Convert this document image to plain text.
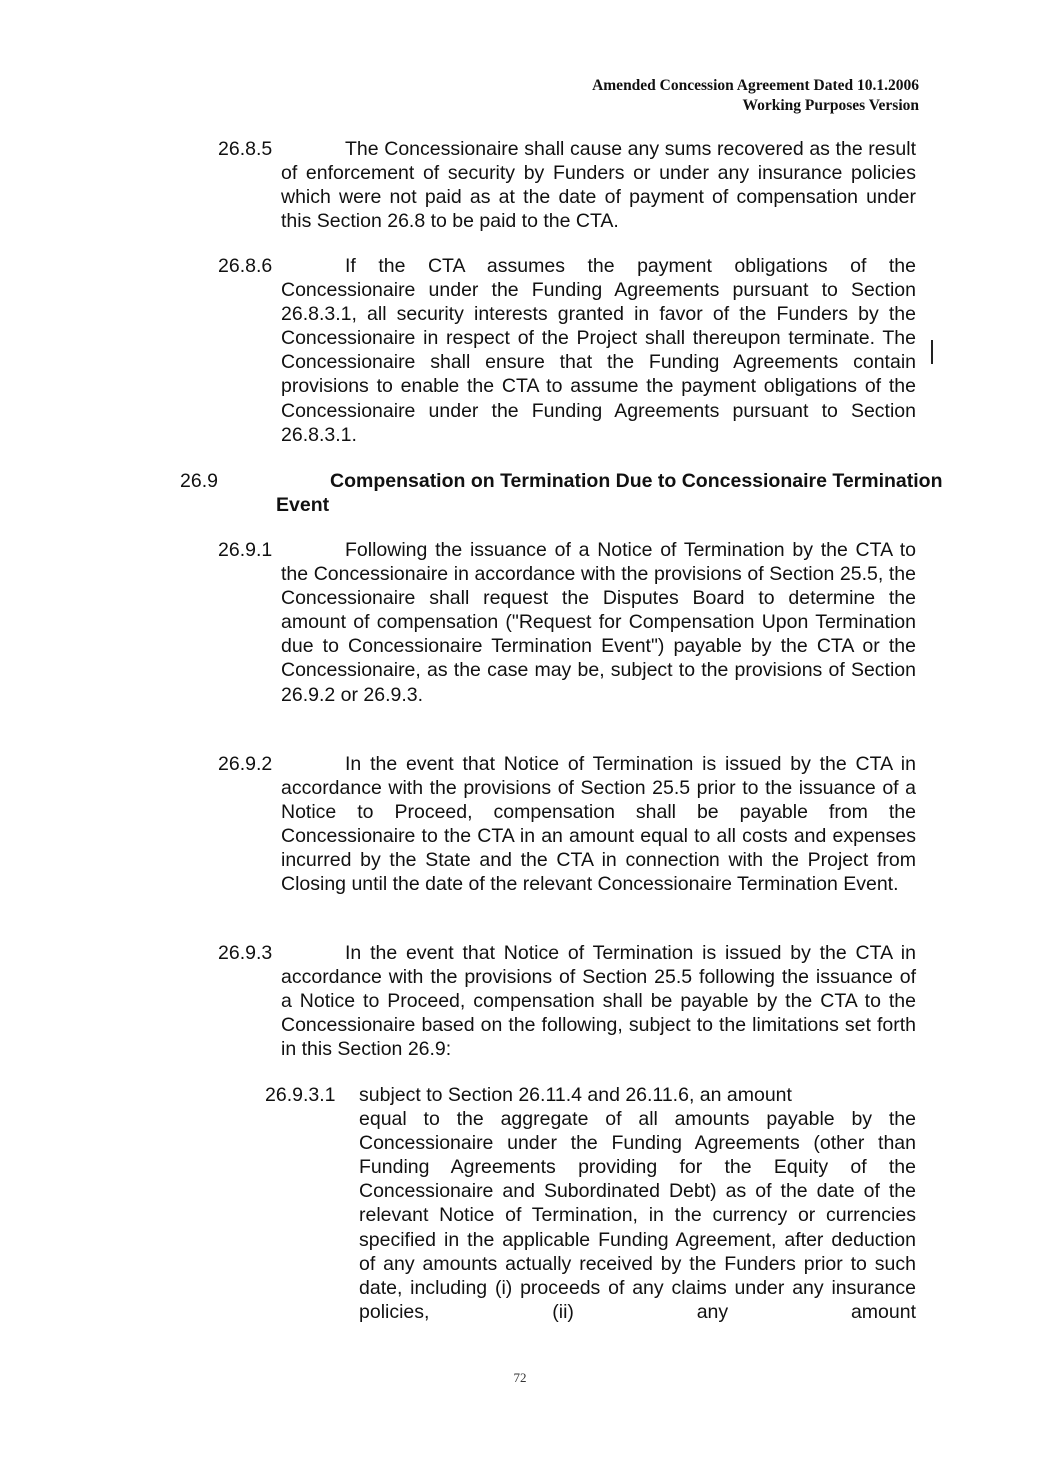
Amended Concession Agreement Dated 10.1.2006
Working Purposes Version
26.8.5	The Concessionaire shall cause any sums recovered as the result of enforcement of security by Funders or under any insurance policies which were not paid as at the date of payment of compensation under this Section 26.8 to be paid to the CTA.
26.8.6	If the CTA assumes the payment obligations of the Concessionaire under the Funding Agreements pursuant to Section 26.8.3.1, all security interests granted in favor of the Funders by the Concessionaire in respect of the Project shall thereupon terminate. The Concessionaire shall ensure that the Funding Agreements contain provisions to enable the CTA to assume the payment obligations of the Concessionaire under the Funding Agreements pursuant to Section 26.8.3.1.
26.9	Compensation on Termination Due to Concessionaire Termination Event
26.9.1	Following the issuance of a Notice of Termination by the CTA to the Concessionaire in accordance with the provisions of Section 25.5, the Concessionaire shall request the Disputes Board to determine the amount of compensation ("Request for Compensation Upon Termination due to Concessionaire Termination Event") payable by the CTA or the Concessionaire, as the case may be, subject to the provisions of Section 26.9.2 or 26.9.3.
26.9.2	In the event that Notice of Termination is issued by the CTA in accordance with the provisions of Section 25.5 prior to the issuance of a Notice to Proceed, compensation shall be payable from the Concessionaire to the CTA in an amount equal to all costs and expenses incurred by the State and the CTA in connection with the Project from Closing until the date of the relevant Concessionaire Termination Event.
26.9.3	In the event that Notice of Termination is issued by the CTA in accordance with the provisions of Section 25.5 following the issuance of a Notice to Proceed, compensation shall be payable by the CTA to the Concessionaire based on the following, subject to the limitations set forth in this Section 26.9:
26.9.3.1 subject to Section 26.11.4 and 26.11.6, an amount
equal to the aggregate of all amounts payable by the Concessionaire under the Funding Agreements (other than Funding Agreements providing for the Equity of the Concessionaire and Subordinated Debt) as of the date of the relevant Notice of Termination, in the currency or currencies specified in the applicable Funding Agreement, after deduction of any amounts actually received by the Funders prior to such date, including (i) proceeds of any claims under any insurance policies, (ii) any amount
72
